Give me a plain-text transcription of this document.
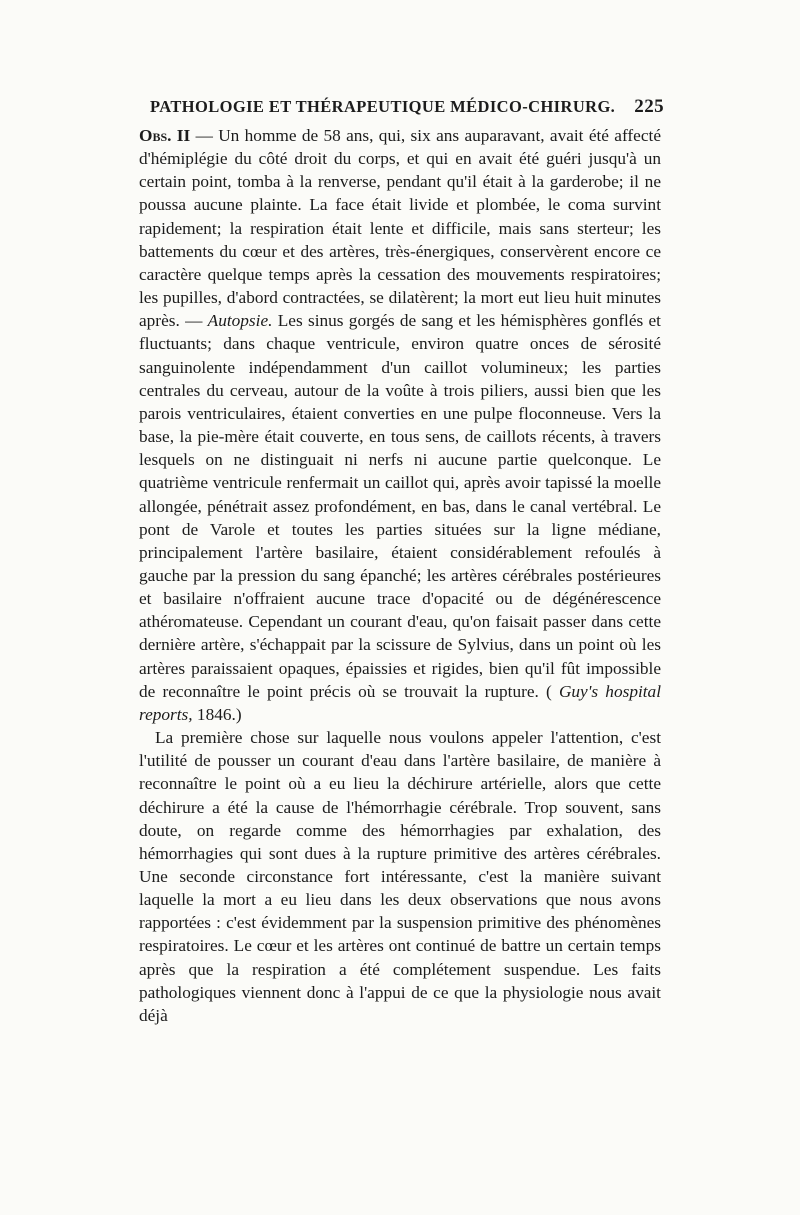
PATHOLOGIE ET THÉRAPEUTIQUE MÉDICO-CHIRURG. 225

Obs. II — Un homme de 58 ans, qui, six ans auparavant, avait été affecté d'hémiplégie du côté droit du corps, et qui en avait été guéri jusqu'à un certain point, tomba à la renverse, pendant qu'il était à la garderobe; il ne poussa aucune plainte. La face était livide et plombée, le coma survint rapidement; la respiration était lente et difficile, mais sans sterteur; les battements du cœur et des artères, très-énergiques, conservèrent encore ce caractère quelque temps après la cessation des mouvements respiratoires; les pupilles, d'abord contractées, se dilatèrent; la mort eut lieu huit minutes après. — Autopsie. Les sinus gorgés de sang et les hémisphères gonflés et fluctuants; dans chaque ventricule, environ quatre onces de sérosité sanguinolente indépendamment d'un caillot volumineux; les parties centrales du cerveau, autour de la voûte à trois piliers, aussi bien que les parois ventriculaires, étaient converties en une pulpe floconneuse. Vers la base, la pie-mère était couverte, en tous sens, de caillots récents, à travers lesquels on ne distinguait ni nerfs ni aucune partie quelconque. Le quatrième ventricule renfermait un caillot qui, après avoir tapissé la moelle allongée, pénétrait assez profondément, en bas, dans le canal vertébral. Le pont de Varole et toutes les parties situées sur la ligne médiane, principalement l'artère basilaire, étaient considérablement refoulés à gauche par la pression du sang épanché; les artères cérébrales postérieures et basilaire n'offraient aucune trace d'opacité ou de dégénérescence athéromateuse. Cependant un courant d'eau, qu'on faisait passer dans cette dernière artère, s'échappait par la scissure de Sylvius, dans un point où les artères paraissaient opaques, épaissies et rigides, bien qu'il fût impossible de reconnaître le point précis où se trouvait la rupture. ( Guy's hospital reports, 1846.)

La première chose sur laquelle nous voulons appeler l'attention, c'est l'utilité de pousser un courant d'eau dans l'artère basilaire, de manière à reconnaître le point où a eu lieu la déchirure artérielle, alors que cette déchirure a été la cause de l'hémorrhagie cérébrale. Trop souvent, sans doute, on regarde comme des hémorrhagies par exhalation, des hémorrhagies qui sont dues à la rupture primitive des artères cérébrales. Une seconde circonstance fort intéressante, c'est la manière suivant laquelle la mort a eu lieu dans les deux observations que nous avons rapportées : c'est évidemment par la suspension primitive des phénomènes respiratoires. Le cœur et les artères ont continué de battre un certain temps après que la respiration a été complétement suspendue. Les faits pathologiques viennent donc à l'appui de ce que la physiologie nous avait déjà
